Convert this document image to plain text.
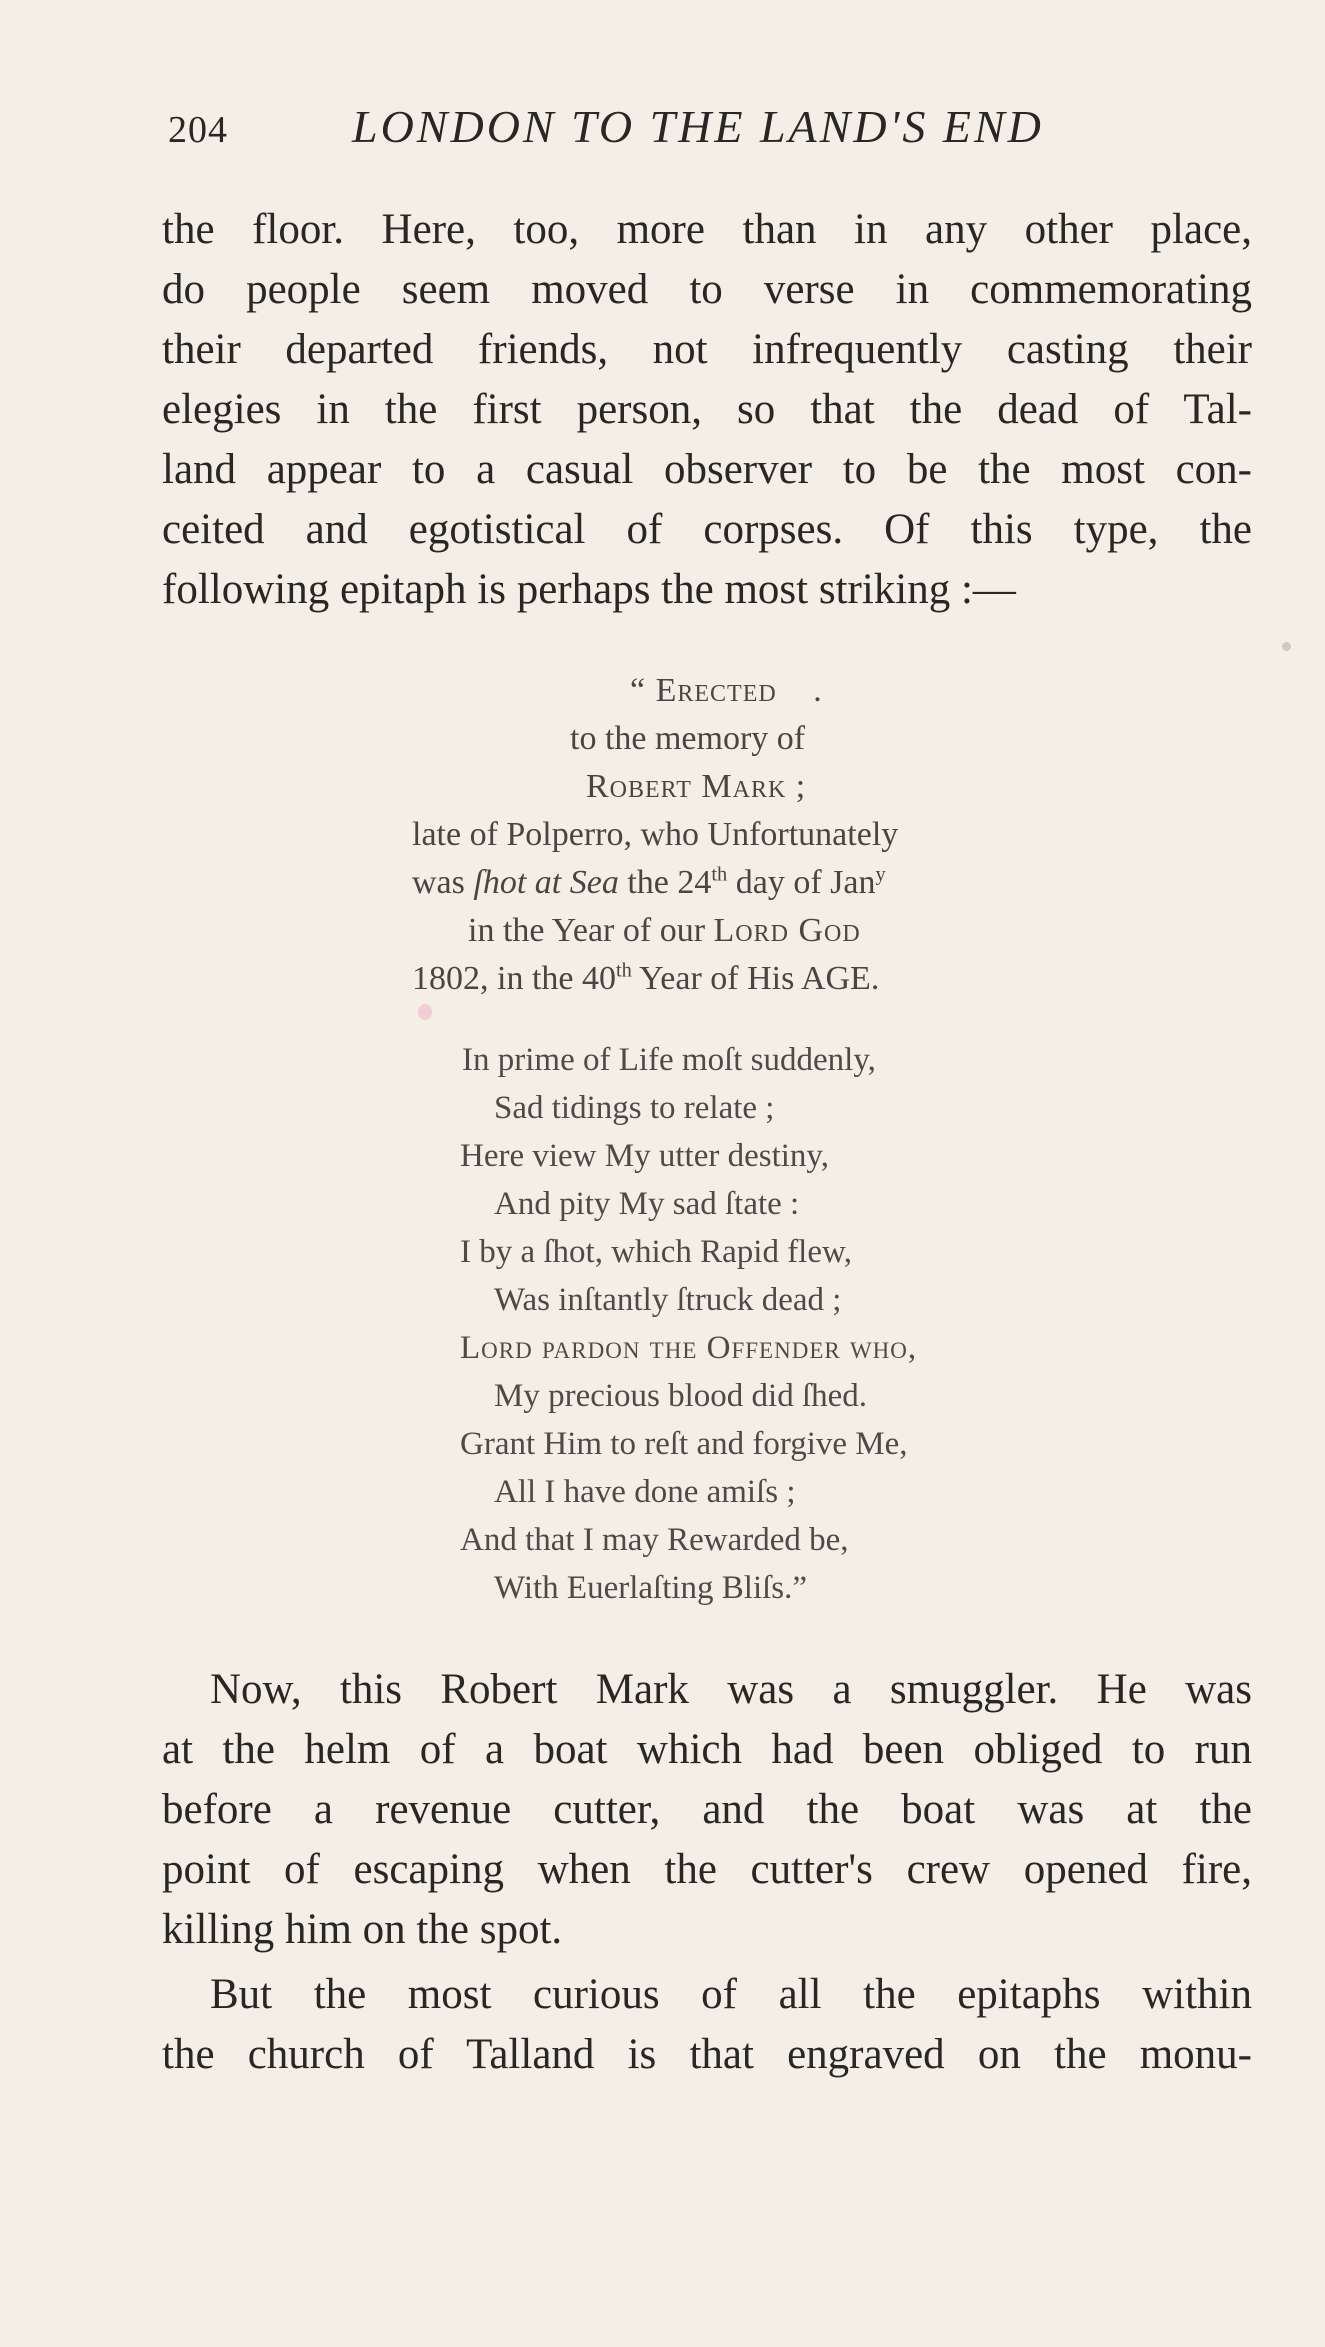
204	LONDON TO THE LAND'S END
the floor. Here, too, more than in any other place,
do people seem moved to verse in commemorating
their departed friends, not infrequently casting their
elegies in the first person, so that the dead of Tal-
land appear to a casual observer to be the most con-
ceited and egotistical of corpses. Of this type, the
following epitaph is perhaps the most striking :—
“ Erected .
to the memory of
Robert Mark ;
late of Polperro, who Unfortunately
was ſhot at Sea the 24th day of Jan$^y$
in the Year of our Lord God
1802, in the 40th Year of His AGE.
In prime of Life moſt suddenly,
Sad tidings to relate ;
Here view My utter destiny,
And pity My sad ſtate :
I by a ſhot, which Rapid flew,
Was inſtantly ſtruck dead ;
Lord pardon the Offender who,
My precious blood did ſhed.
Grant Him to reſt and forgive Me,
All I have done amiſs ;
And that I may Rewarded be,
With Euerlaſting Bliſs.”
Now, this Robert Mark was a smuggler. He was
at the helm of a boat which had been obliged to run
before a revenue cutter, and the boat was at the
point of escaping when the cutter's crew opened fire,
killing him on the spot.
But the most curious of all the epitaphs within
the church of Talland is that engraved on the monu-
